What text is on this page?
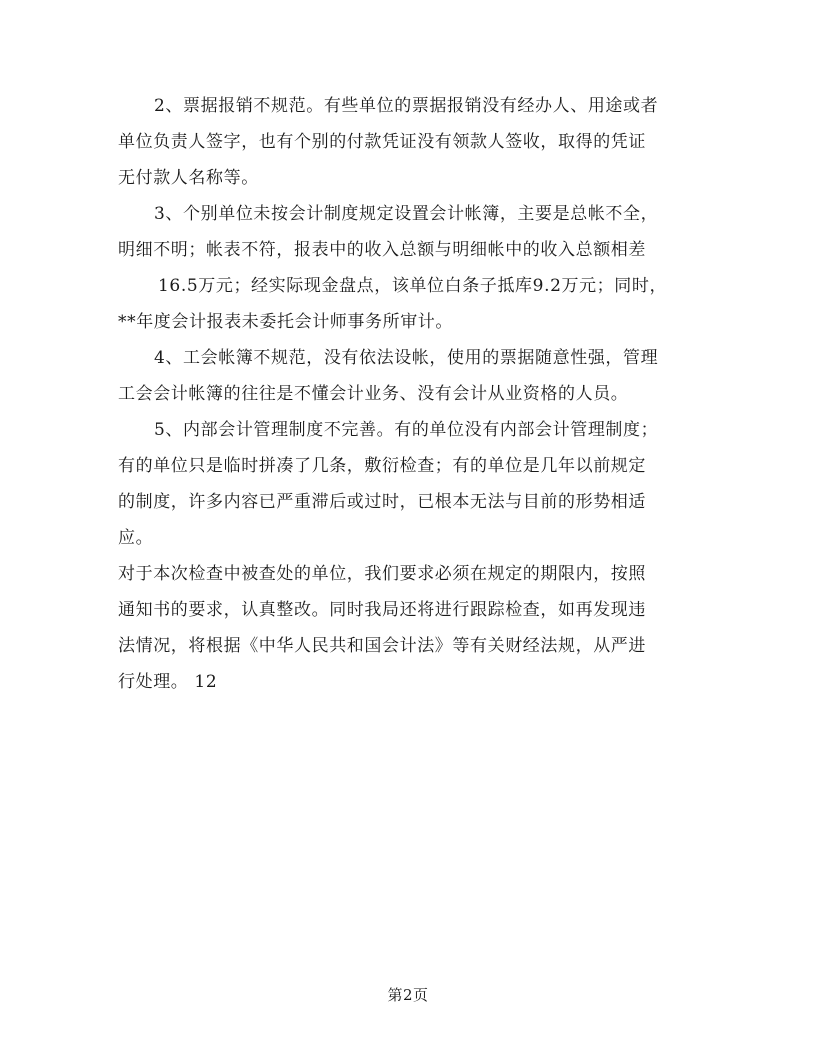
2、票据报销不规范。有些单位的票据报销没有经办人、用途或者
单位负责人签字，也有个别的付款凭证没有领款人签收，取得的凭证
无付款人名称等。
3、个别单位未按会计制度规定设置会计帐簿，主要是总帐不全，
明细不明；帐表不符，报表中的收入总额与明细帐中的收入总额相差
16.5万元；经实际现金盘点，该单位白条子抵库9.2万元；同时，
**年度会计报表未委托会计师事务所审计。
4、工会帐簿不规范，没有依法设帐，使用的票据随意性强，管理
工会会计帐簿的往往是不懂会计业务、没有会计从业资格的人员。
5、内部会计管理制度不完善。有的单位没有内部会计管理制度；
有的单位只是临时拼凑了几条，敷衍检查；有的单位是几年以前规定
的制度，许多内容已严重滞后或过时，已根本无法与目前的形势相适
应。
对于本次检查中被查处的单位，我们要求必须在规定的期限内，按照
通知书的要求，认真整改。同时我局还将进行跟踪检查，如再发现违
法情况，将根据《中华人民共和国会计法》等有关财经法规，从严进
行处理。 12
第2页
